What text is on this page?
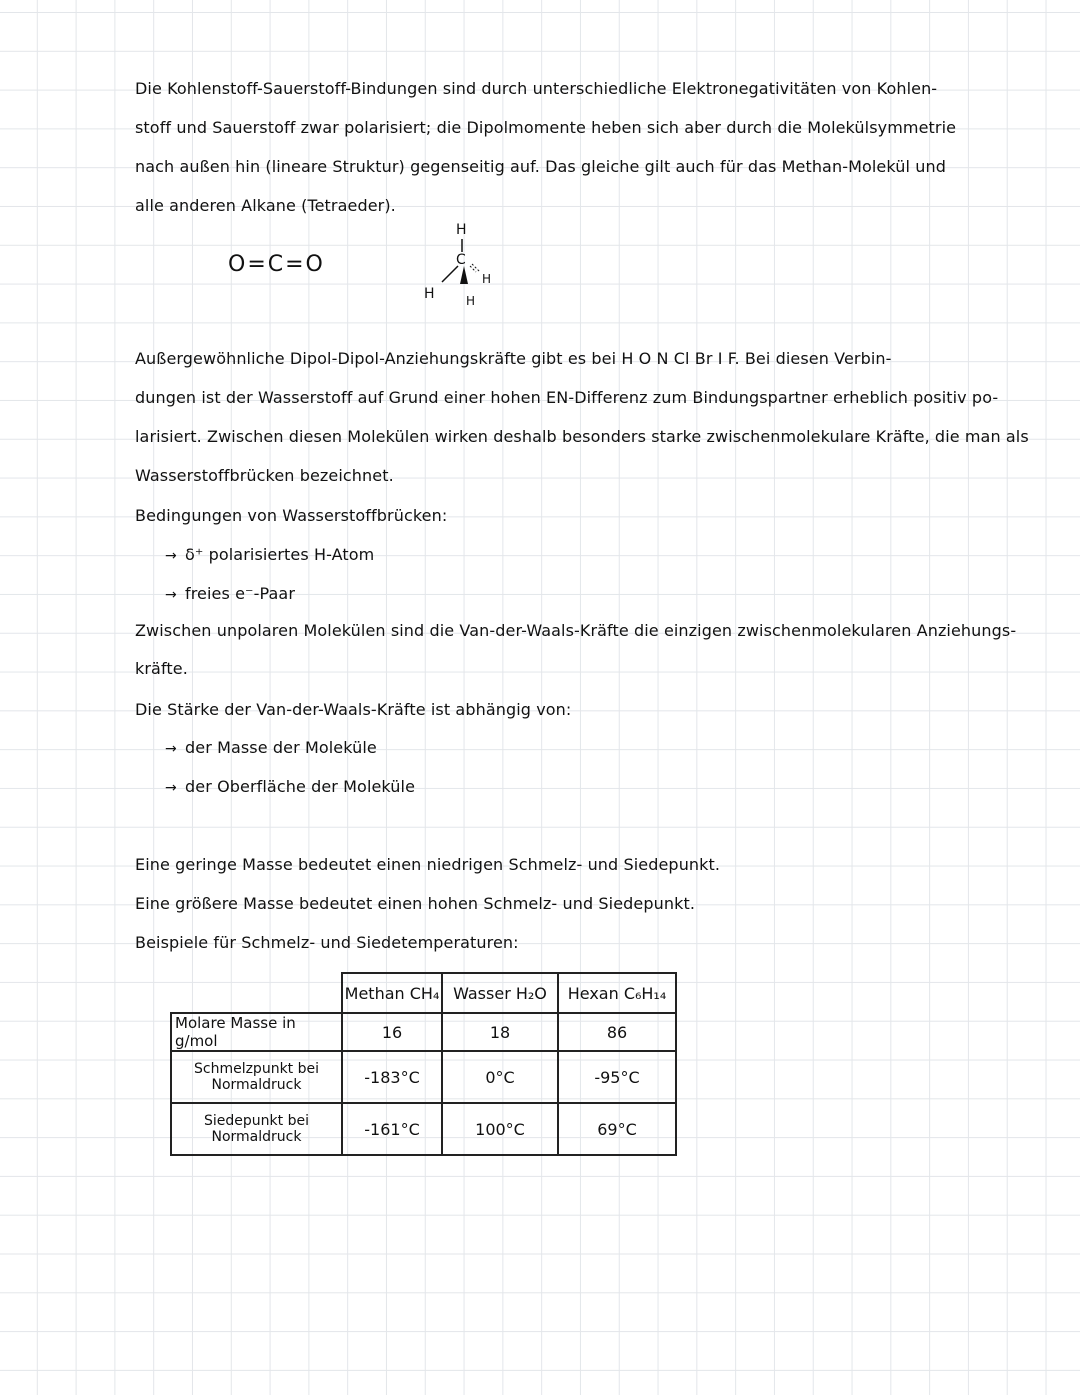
Die Kohlenstoff-Sauerstoff-Bindungen sind durch unterschiedliche Elektronegativitäten von Kohlen-
stoff und Sauerstoff zwar polarisiert; die Dipolmomente heben sich aber durch die Molekülsymmetrie
nach außen hin (lineare Struktur) gegenseitig auf. Das gleiche gilt auch für das Methan-Molekül und
alle anderen Alkane (Tetraeder).
O=C=O
H
C
H	H
H
Außergewöhnliche Dipol-Dipol-Anziehungskräfte gibt es bei H O N Cl Br I F. Bei diesen Verbin-
dungen ist der Wasserstoff auf Grund einer hohen EN-Differenz zum Bindungspartner erheblich positiv po-
larisiert. Zwischen diesen Molekülen wirken deshalb besonders starke zwischenmolekulare Kräfte, die man als
Wasserstoffbrücken bezeichnet.
Bedingungen von Wasserstoffbrücken:
→ δ⁺ polarisiertes H-Atom
→ freies e⁻-Paar
Zwischen unpolaren Molekülen sind die Van-der-Waals-Kräfte die einzigen zwischenmolekularen Anziehungs-
kräfte.
Die Stärke der Van-der-Waals-Kräfte ist abhängig von:
→ der Masse der Moleküle
→ der Oberfläche der Moleküle
Eine geringe Masse bedeutet einen niedrigen Schmelz- und Siedepunkt.
Eine größere Masse bedeutet einen hohen Schmelz- und Siedepunkt.
Beispiele für Schmelz- und Siedetemperaturen:
	Methan CH₄	Wasser H₂O	Hexan C₆H₁₄
Molare Masse in g/mol	16	18	86

Schmelzpunkt bei
Normaldruck	-183°C	0°C	-95°C

Siedepunkt bei
Normaldruck	-161°C	100°C	69°C
